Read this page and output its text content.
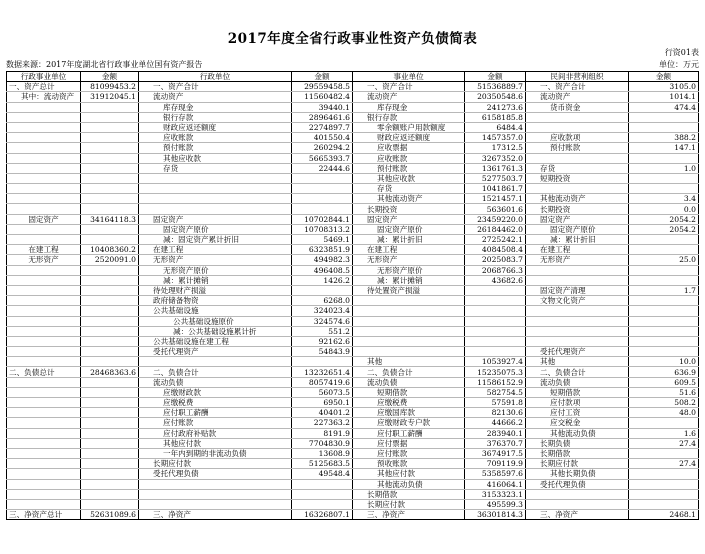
2017年度全省行政事业性资产负债简表
行资01表
数据来源：2017年度湖北省行政事业单位国有资产报告	单位：万元
行政事业单位	金额	行政单位	金额	事业单位	金额	民间非营利组织	金额
一、资产总计	81099453.2	一、资产合计	29559458.5	一、资产合计	51536889.7	一、资产合计	3105.0
其中：流动资产	31912045.1	流动资产	11560482.4	流动资产	20350548.6	流动资产	1014.1
		库存现金	39440.1	库存现金	241273.6	货币资金	474.4
		银行存款	2896461.6	银行存款	6158185.8		
		财政应返还额度	2274897.7	零余额账户用款额度	6484.4		
		应收账款	401550.4	财政应返还额度	1457357.0	应收款项	388.2
		预付账款	260294.2	应收票据	17312.5	预付账款	147.1
		其他应收款	5665393.7	应收账款	3267352.0		
		存货	22444.6	预付账款	1361761.3	存货	1.0
				其他应收款	5277503.7	短期投资	
				存货	1041861.7		
				其他流动资产	1521457.1	其他流动资产	3.4
				长期投资	563601.6	长期投资	0.0
固定资产	34164118.3	固定资产	10702844.1	固定资产	23459220.0	固定资产	2054.2
		固定资产原价	10708313.2	固定资产原价	26184462.0	固定资产原价	2054.2
		减：固定资产累计折旧	5469.1	减：累计折旧	2725242.1	减：累计折旧	
在建工程	10408360.2	在建工程	6323851.9	在建工程	4084508.4	在建工程	
无形资产	2520091.0	无形资产	494982.3	无形资产	2025083.7	无形资产	25.0
		无形资产原价	496408.5	无形资产原价	2068766.3		
		减：累计摊销	1426.2	减：累计摊销	43682.6		
		待处理财产损溢		待处置资产损溢		固定资产清理	1.7
		政府储备物资	6268.0			文物文化资产	
		公共基础设施	324023.4				
		公共基础设施原价	324574.6				
		减：公共基础设施累计折	551.2				
		公共基础设施在建工程	92162.6				
		受托代理资产	54843.9			受托代理资产	
				其他	1053927.4	其他	10.0
二、负债总计	28468363.6	二、负债合计	13232651.4	二、负债合计	15235075.3	二、负债合计	636.9
		流动负债	8057419.6	流动负债	11586152.9	流动负债	609.5
		应缴财政款	56073.5	短期借款	582754.5	短期借款	51.6
		应缴税费	6950.1	应缴税费	57591.8	应付款项	508.2
		应付职工薪酬	40401.2	应缴国库款	82130.6	应付工资	48.0
		应付账款	227363.2	应缴财政专户款	44666.2	应交税金	
		应付政府补贴款	8191.9	应付职工薪酬	283940.1	其他流动负债	1.6
		其他应付款	7704830.9	应付票据	376370.7	长期负债	27.4
		一年内到期的非流动负债	13608.9	应付账款	3674917.5	长期借款	
		长期应付款	5125683.5	预收账款	709119.9	长期应付款	27.4
		受托代理负债	49548.4	其他应付款	5358597.6	其他长期负债	
				其他流动负债	416064.1	受托代理负债	
				长期借款	3153323.1		
				长期应付款	495599.3		
三、净资产总计	52631089.6	三、净资产	16326807.1	三、净资产	36301814.3	三、净资产	2468.1
